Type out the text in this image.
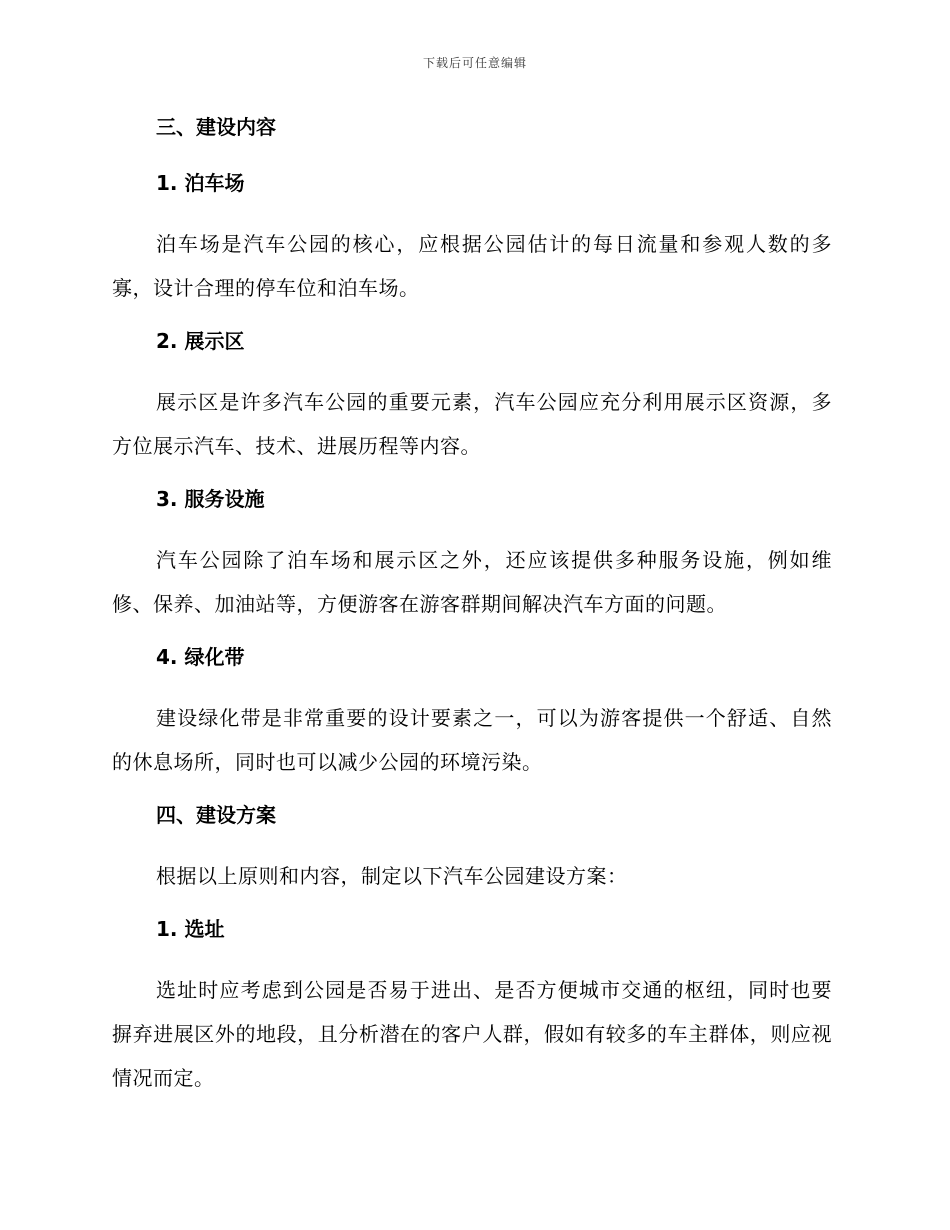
下载后可任意编辑
三、建设内容
1. 泊车场

泊车场是汽车公园的核心，应根据公园估计的每日流量和参观人数的多寡，设计合理的停车位和泊车场。

2. 展示区

展示区是许多汽车公园的重要元素，汽车公园应充分利用展示区资源，多方位展示汽车、技术、进展历程等内容。

3. 服务设施

汽车公园除了泊车场和展示区之外，还应该提供多种服务设施，例如维修、保养、加油站等，方便游客在游客群期间解决汽车方面的问题。

4. 绿化带

建设绿化带是非常重要的设计要素之一，可以为游客提供一个舒适、自然的休息场所，同时也可以减少公园的环境污染。

四、建设方案

根据以上原则和内容，制定以下汽车公园建设方案：

1. 选址

选址时应考虑到公园是否易于进出、是否方便城市交通的枢纽，同时也要摒弃进展区外的地段，且分析潜在的客户人群，假如有较多的车主群体，则应视情况而定。
